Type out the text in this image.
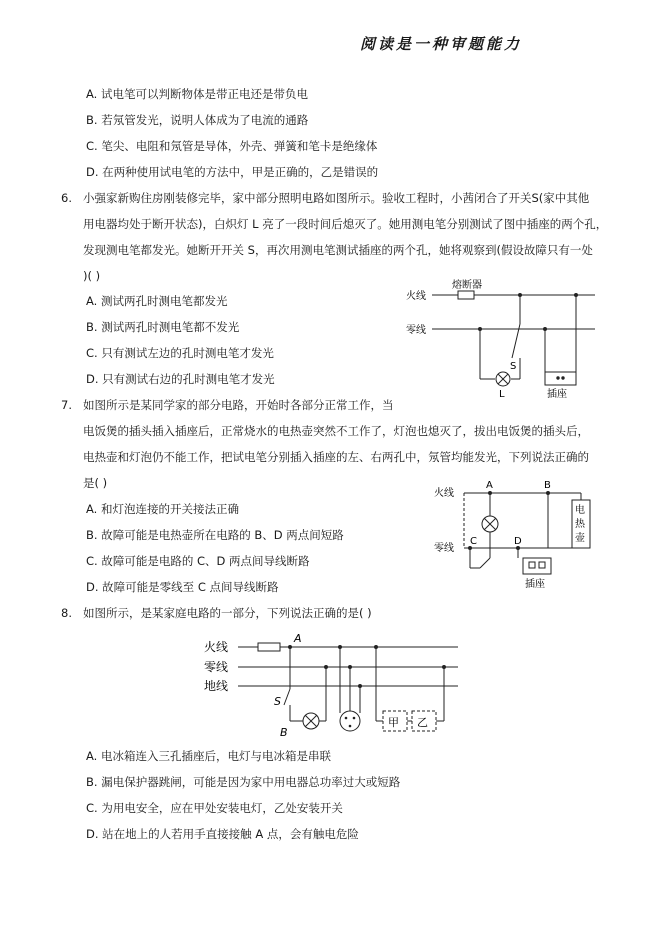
阅读是一种审题能力
A. 试电笔可以判断物体是带正电还是带负电
B. 若氖管发光，说明人体成为了电流的通路
C. 笔尖、电阻和氖管是导体，外壳、弹簧和笔卡是绝缘体
D. 在两种使用试电笔的方法中，甲是正确的，乙是错误的
6. 小强家新购住房刚装修完毕，家中部分照明电路如图所示。验收工程时，小茜闭合了开关S(家中其他
用电器均处于断开状态)，白炽灯 L 亮了一段时间后熄灭了。她用测电笔分别测试了图中插座的两个孔，
发现测电笔都发光。她断开开关 S，再次用测电笔测试插座的两个孔，她将观察到(假设故障只有一处
)( )
A. 测试两孔时测电笔都发光
B. 测试两孔时测电笔都不发光
C. 只有测试左边的孔时测电笔才发光
D. 只有测试右边的孔时测电笔才发光
火线
熔断器
零线
S
L	插座
7. 如图所示是某同学家的部分电路，开始时各部分正常工作，当
电饭煲的插头插入插座后，正常烧水的电热壶突然不工作了，灯泡也熄灭了，拔出电饭煲的插头后，
电热壶和灯泡仍不能工作，把试电笔分别插入插座的左、右两孔中，氖管均能发光，下列说法正确的
是( )
A. 和灯泡连接的开关接法正确
B. 故障可能是电热壶所在电路的 B、D 两点间短路
C. 故障可能是电路的 C、D 两点间导线断路
D. 故障可能是零线至 C 点间导线断路
火线
零线
A	B
C	D
电
热
壶
插座
8. 如图所示，是某家庭电路的一部分，下列说法正确的是( )
火线
零线
地线
A
S
B
甲 乙
A. 电冰箱连入三孔插座后，电灯与电冰箱是串联
B. 漏电保护器跳闸，可能是因为家中用电器总功率过大或短路
C. 为用电安全，应在甲处安装电灯，乙处安装开关
D. 站在地上的人若用手直接接触 A 点，会有触电危险
